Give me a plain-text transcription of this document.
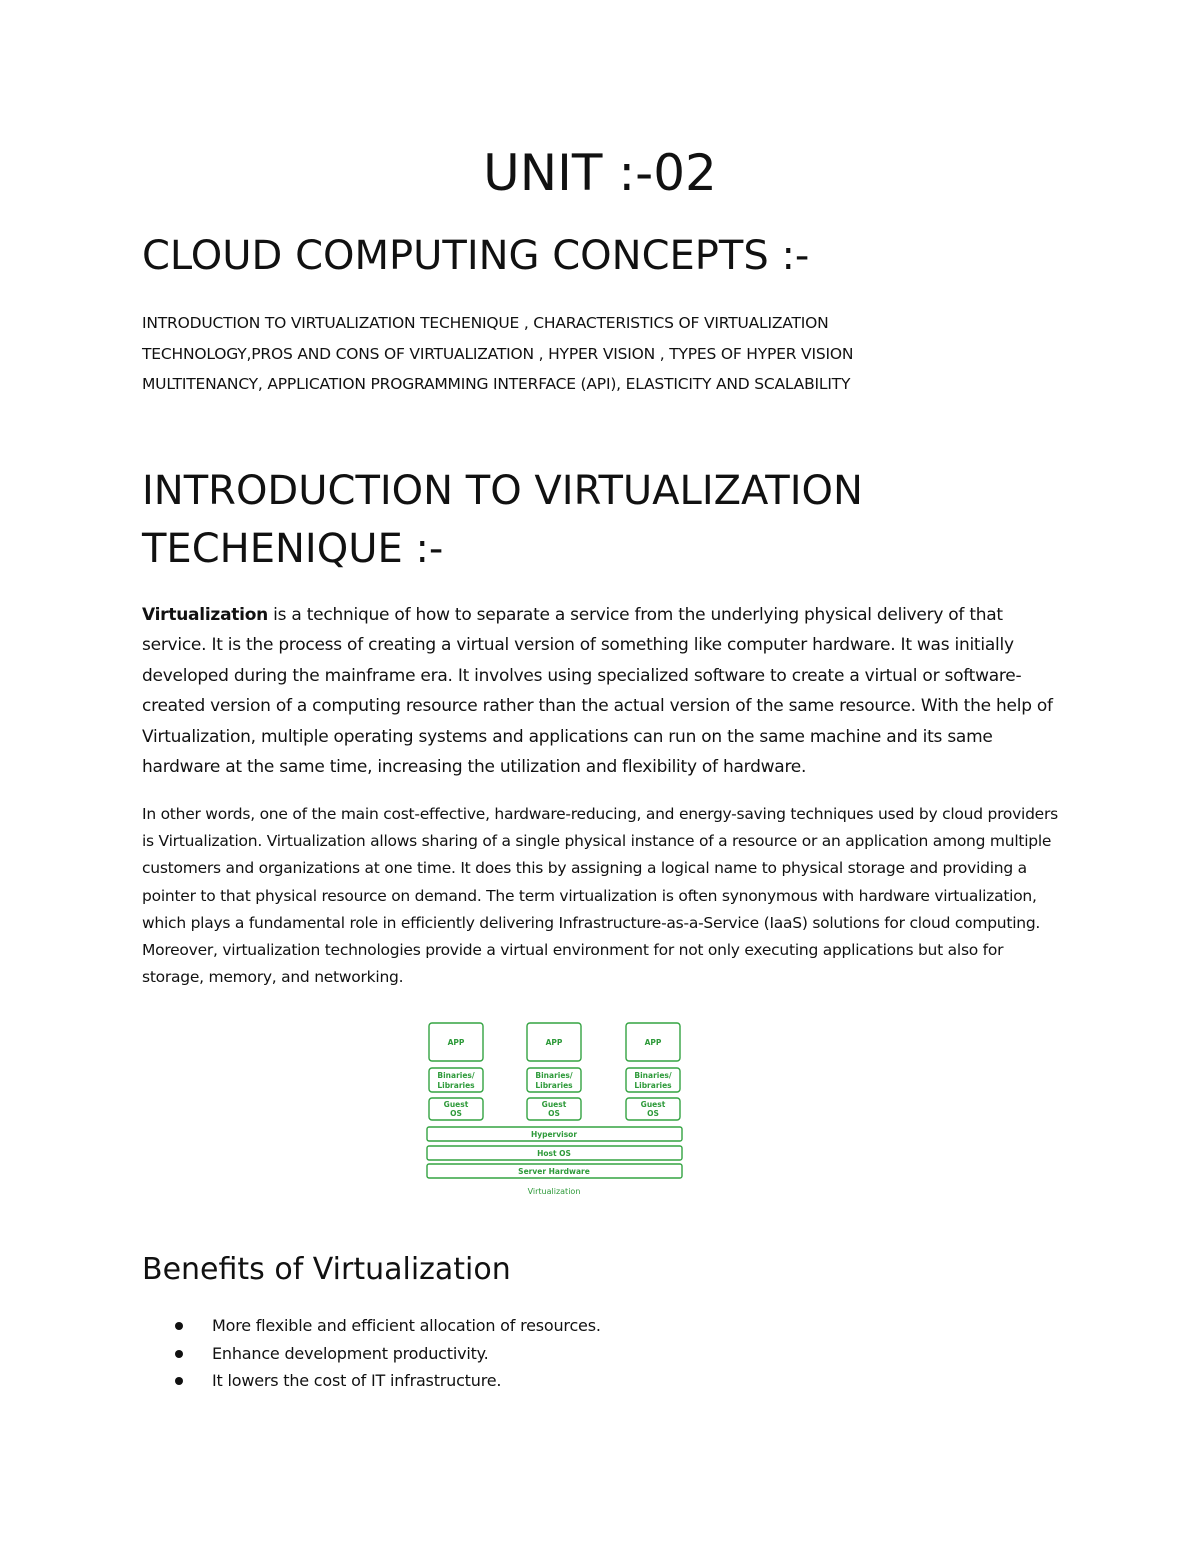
UNIT :-02
CLOUD COMPUTING CONCEPTS :-

INTRODUCTION TO VIRTUALIZATION TECHENIQUE , CHARACTERISTICS OF VIRTUALIZATION
TECHNOLOGY,PROS AND CONS OF VIRTUALIZATION , HYPER VISION , TYPES OF HYPER VISION
MULTITENANCY, APPLICATION PROGRAMMING INTERFACE (API), ELASTICITY AND SCALABILITY

INTRODUCTION TO VIRTUALIZATION
TECHENIQUE :-

Virtualization is a technique of how to separate a service from the underlying physical delivery of that service. It is the process of creating a virtual version of something like computer hardware. It was initially developed during the mainframe era. It involves using specialized software to create a virtual or software-created version of a computing resource rather than the actual version of the same resource. With the help of Virtualization, multiple operating systems and applications can run on the same machine and its same hardware at the same time, increasing the utilization and flexibility of hardware.

In other words, one of the main cost-effective, hardware-reducing, and energy-saving techniques used by cloud providers is Virtualization. Virtualization allows sharing of a single physical instance of a resource or an application among multiple customers and organizations at one time. It does this by assigning a logical name to physical storage and providing a pointer to that physical resource on demand. The term virtualization is often synonymous with hardware virtualization, which plays a fundamental role in efficiently delivering Infrastructure-as-a-Service (IaaS) solutions for cloud computing. Moreover, virtualization technologies provide a virtual environment for not only executing applications but also for storage, memory, and networking.

APP
Binaries/
Libraries
Guest
OS
APP
Binaries/
Libraries
Guest
OS
APP
Binaries/
Libraries
Guest
OS
Hypervisor
Host OS
Server Hardware
Virtualization
Benefits of Virtualization
More flexible and efficient allocation of resources.
Enhance development productivity.
It lowers the cost of IT infrastructure.
